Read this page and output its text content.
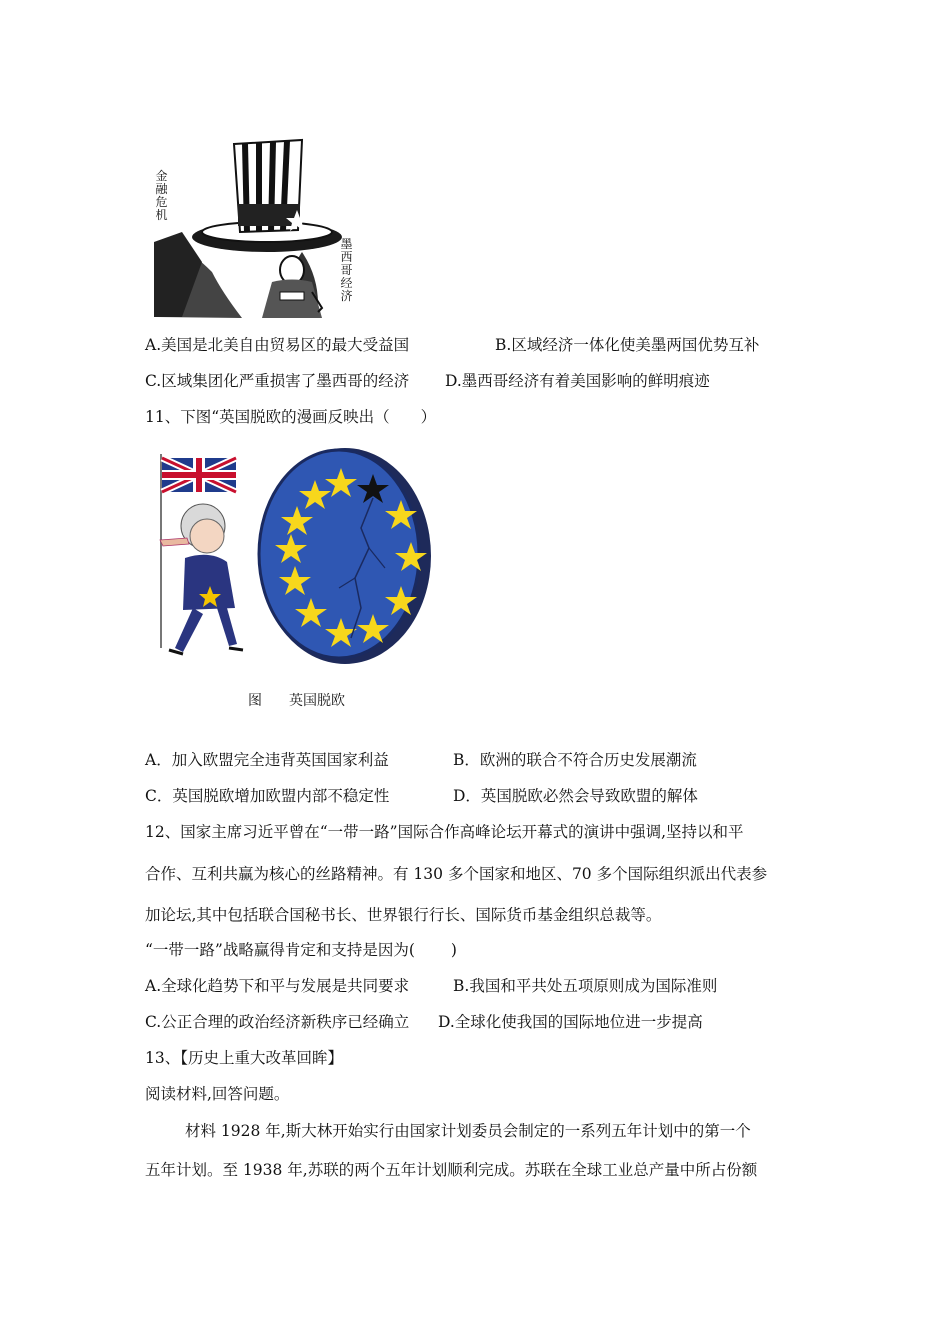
金融危机
墨西哥经济
A.美国是北美自由贸易区的最大受益国	B.区域经济一体化使美墨两国优势互补
C.区域集团化严重损害了墨西哥的经济 D.墨西哥经济有着美国影响的鲜明痕迹
11、下图“英国脱欧的漫画反映出（　　）
图 英国脱欧
A．加入欧盟完全违背英国国家利益	B．欧洲的联合不符合历史发展潮流
C．英国脱欧增加欧盟内部不稳定性	D．英国脱欧必然会导致欧盟的解体
12、国家主席习近平曾在“一带一路”国际合作高峰论坛开幕式的演讲中强调,坚持以和平
合作、互利共赢为核心的丝路精神。有 130 多个国家和地区、70 多个国际组织派出代表参
加论坛,其中包括联合国秘书长、世界银行行长、国际货币基金组织总裁等。
“一带一路”战略赢得肯定和支持是因为(　　 )
A.全球化趋势下和平与发展是共同要求	B.我国和平共处五项原则成为国际准则
C.公正合理的政治经济新秩序已经确立 D.全球化使我国的国际地位进一步提高
13、【历史上重大改革回眸】
阅读材料,回答问题。
材料 1928 年,斯大林开始实行由国家计划委员会制定的一系列五年计划中的第一个
五年计划。至 1938 年,苏联的两个五年计划顺利完成。苏联在全球工业总产量中所占份额
